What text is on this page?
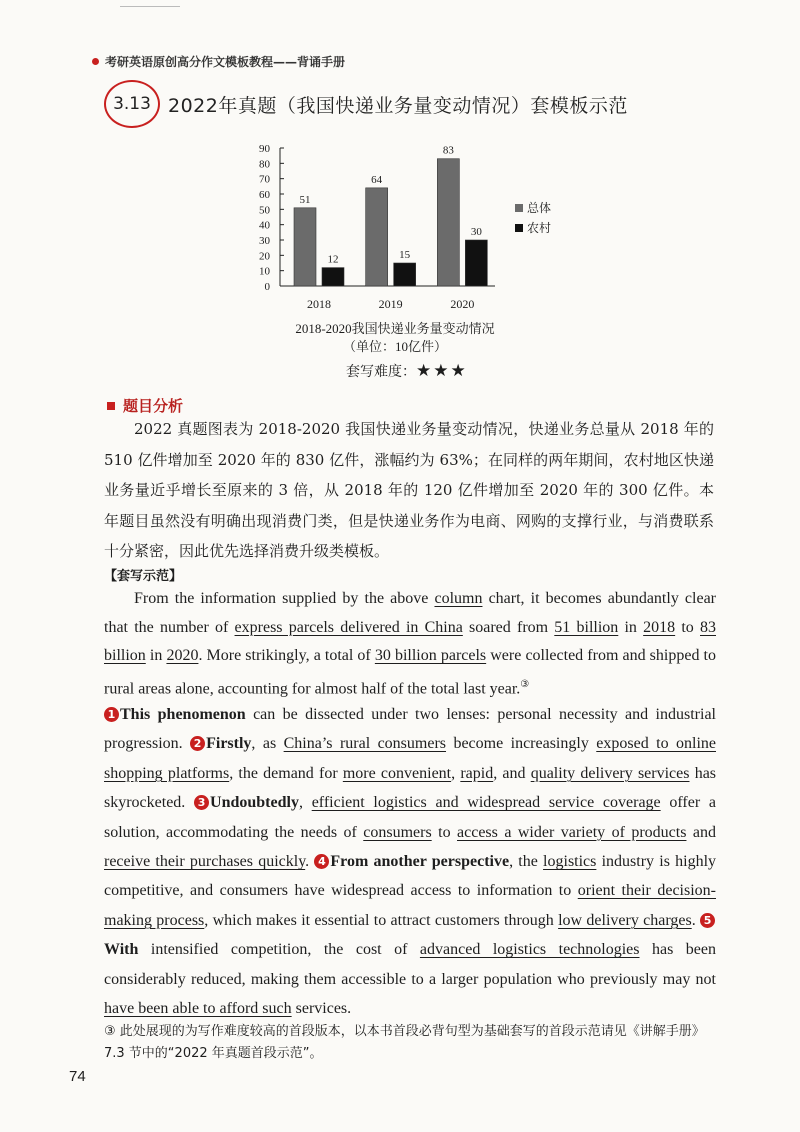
考研英语原创高分作文模板教程——背诵手册
3.13 2022年真题（我国快递业务量变动情况）套模板示范
90
80
70
60
50
40
30
20
10
0
51
12
2018
64
15
2019
83
30
2020
总体
农村
2018-2020我国快递业务量变动情况
（单位：10亿件）
套写难度：★★★
题目分析

2022 真题图表为 2018-2020 我国快递业务量变动情况，快递业务总量从 2018 年的 510 亿件增加至 2020 年的 830 亿件，涨幅约为 63%；在同样的两年期间，农村地区快递业务量近乎增长至原来的 3 倍，从 2018 年的 120 亿件增加至 2020 年的 300 亿件。本年题目虽然没有明确出现消费门类，但是快递业务作为电商、网购的支撑行业，与消费联系十分紧密，因此优先选择消费升级类模板。

【套写示范】

From the information supplied by the above column chart, it becomes abundantly clear that the number of express parcels delivered in China soared from 51 billion in 2018 to 83 billion in 2020. More strikingly, a total of 30 billion parcels were collected from and shipped to rural areas alone, accounting for almost half of the total last year.③

1 This phenomenon can be dissected under two lenses: personal necessity and industrial progression. 2 Firstly, as China’s rural consumers become increasingly exposed to online shopping platforms, the demand for more convenient, rapid, and quality delivery services has skyrocketed. 3 Undoubtedly, efficient logistics and widespread service coverage offer a solution, accommodating the needs of consumers to access a wider variety of products and receive their purchases quickly. 4 From another perspective, the logistics industry is highly competitive, and consumers have widespread access to information to orient their decision-making process, which makes it essential to attract customers through low delivery charges. 5With intensified competition, the cost of advanced logistics technologies has been considerably reduced, making them accessible to a larger population who previously may not have been able to afford such services.

③ 此处展现的为写作难度较高的首段版本，以本书首段必背句型为基础套写的首段示范请见《讲解手册》7.3 节中的“2022 年真题首段示范”。
74
